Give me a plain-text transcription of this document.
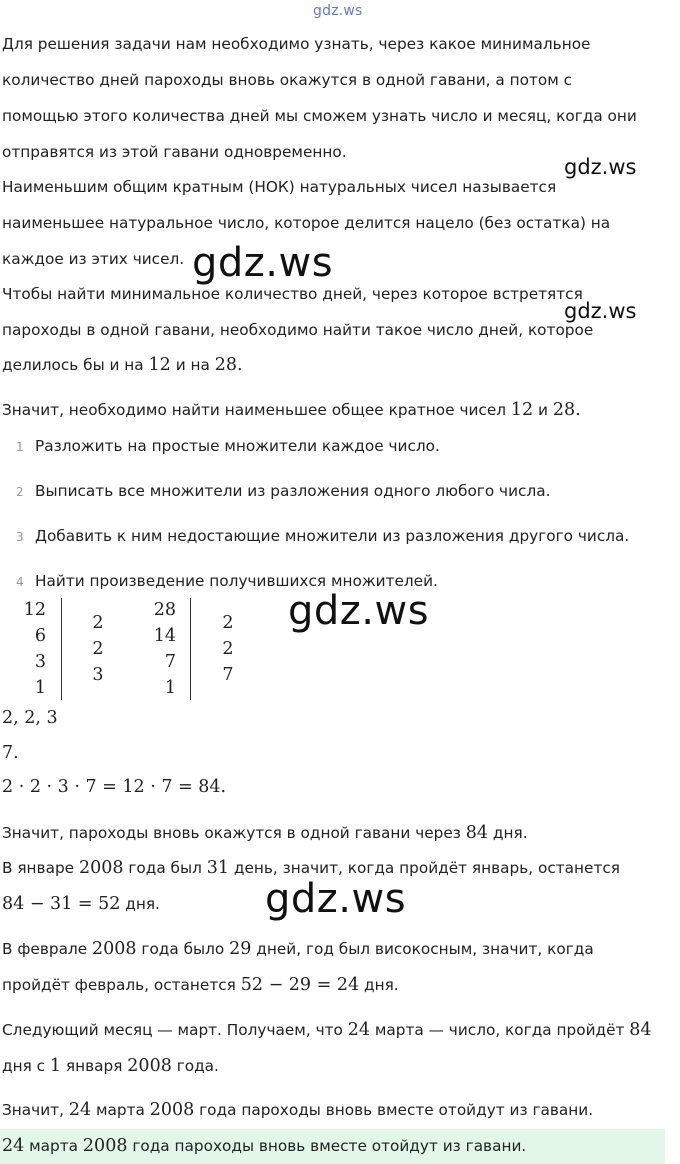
gdz.ws
gdz.ws
gdz.ws
gdz.ws
gdz.ws
gdz.ws
Для решения задачи нам необходимо узнать, через какое минимальное
количество дней пароходы вновь окажутся в одной гавани, а потом с
помощью этого количества дней мы сможем узнать число и месяц, когда они
отправятся из этой гавани одновременно.
Наименьшим общим кратным (НОК) натуральных чисел называется
наименьшее натуральное число, которое делится нацело (без остатка) на
каждое из этих чисел.
Чтобы найти минимальное количество дней, через которое встретятся
пароходы в одной гавани, необходимо найти такое число дней, которое
делилось бы и на 12 и на 28.
Значит, необходимо найти наименьшее общее кратное чисел 12 и 28.
1 Разложить на простые множители каждое число.
2 Выписать все множители из разложения одного любого числа.
3 Добавить к ним недостающие множители из разложения другого числа.
4 Найти произведение получившихся множителей.
12
6
3
1
2
2
3
28
14
7
1
2
2
7
2, 2, 3
7.
2 · 2 · 3 · 7 = 12 · 7 = 84.
Значит, пароходы вновь окажутся в одной гавани через 84 дня.
В январе 2008 года был 31 день, значит, когда пройдёт январь, останется
84 − 31 = 52 дня.
В феврале 2008 года было 29 дней, год был високосным, значит, когда
пройдёт февраль, останется 52 − 29 = 24 дня.
Следующий месяц — март. Получаем, что 24 марта — число, когда пройдёт 84
дня с 1 января 2008 года.
Значит, 24 марта 2008 года пароходы вновь вместе отойдут из гавани.
24 марта 2008 года пароходы вновь вместе отойдут из гавани.
